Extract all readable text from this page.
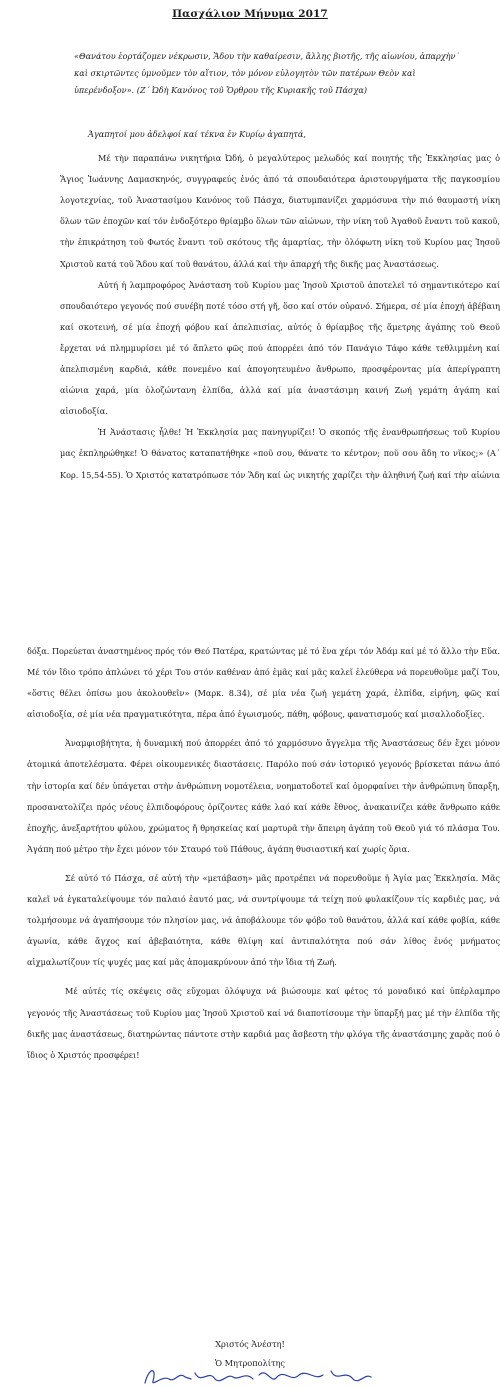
Πασχάλιον Μήνυμα 2017
«Θανάτου ἑορτάζομεν νέκρωσιν, Ἅδου τὴν καθαίρεσιν, ἄλλης βιοτῆς, τῆς αἰωνίου, ἀπαρχὴν˙ καὶ σκιρτῶντες ὑμνοῦμεν τὸν αἴτιον, τὸν μόνον εὐλογητὸν τῶν πατέρων Θεὸν καὶ ὑπερένδοξον». (Ζ΄ Ὠδὴ Κανόνος τοῦ Ὄρθρου τῆς Κυριακῆς τοῦ Πάσχα)

Ἀγαπητοί μου ἀδελφοί καί τέκνα ἐν Κυρίῳ ἀγαπητά,

Μέ τὴν παραπάνω νικητήρια Ὠδή, ὁ μεγαλύτερος μελωδός καί ποιητής τῆς Ἐκκλησίας μας ὁ Ἅγιος Ἰωάννης Δαμασκηνός, συγγραφεύς ἑνός ἀπό τά σπουδαιότερα ἀριστουργήματα τῆς παγκοσμίου λογοτεχνίας, τοῦ Ἀναστασίμου Κανόνος τοῦ Πάσχα, διατυμπανίζει χαρμόσυνα τὴν πιό θαυμαστή νίκη ὅλων τῶν ἐποχῶν καί τόν ἐνδοξότερο θρίαμβο ὅλων τῶν αἰώνων, τὴν νίκη τοῦ Ἀγαθοῦ ἔναντι τοῦ κακοῦ, τὴν ἐπικράτηση τοῦ Φωτός ἔναντι τοῦ σκότους τῆς ἁμαρτίας, τὴν ὁλόφωτη νίκη τοῦ Κυρίου μας Ἰησοῦ Χριστοῦ κατά τοῦ Ἅδου καί τοῦ θανάτου, ἀλλά καί τὴν ἀπαρχή τῆς δικῆς μας Ἀναστάσεως.

Αὐτή ἡ λαμπροφόρος Ἀνάσταση τοῦ Κυρίου μας Ἰησοῦ Χριστοῦ ἀποτελεῖ τό σημαντικότερο καί σπουδαιότερο γεγονός πού συνέβη ποτέ τόσο στή γῆ, ὅσο καί στόν οὐρανό. Σήμερα, σέ μία ἐποχή ἀβέβαιη καί σκοτεινή, σέ μία ἐποχή φόβου καί ἀπελπισίας, αὐτός ὁ θρίαμβος τῆς ἄμετρης ἀγάπης τοῦ Θεοῦ ἔρχεται νά πλημμυρίσει μέ τό ἄπλετο φῶς πού ἀπορρέει ἀπό τόν Πανάγιο Τάφο κάθε τεθλιμμένη καί ἀπελπισμένη καρδιά, κάθε πονεμένο καί ἀπογοητευμένο ἄνθρωπο, προσφέροντας μία ἀπερίγραπτη αἰώνια χαρά, μία ὁλοζώντανη ἐλπίδα, ἀλλά καί μία ἀναστάσιμη καινή Ζωή γεμάτη ἀγάπη καί αἰσιοδοξία.

Ἡ Ἀνάστασις ἦλθε! Ἡ Ἐκκλησία μας πανηγυρίζει! Ὁ σκοπός τῆς ἐνανθρωπήσεως τοῦ Κυρίου μας ἐκπληρώθηκε! Ὁ θάνατος καταπατήθηκε «ποῦ σου, θάνατε το κέντρον; ποῦ σου ἅδη το νῖκος;» (Α΄ Κορ. 15,54-55). Ὁ Χριστός κατατρόπωσε τόν Ἅδη καί ὡς νικητής χαρίζει τὴν ἀληθινή ζωή καί τὴν αἰώνια

δόξα. Πορεύεται ἀναστημένος πρός τόν Θεό Πατέρα, κρατώντας μέ τό ἕνα χέρι τόν Ἀδάμ καί μέ τό ἄλλο τὴν Εὔα. Μέ τόν ἴδιο τρόπο ἁπλώνει τό χέρι Του στόν καθέναν ἀπό ἐμᾶς καί μᾶς καλεῖ ἐλεύθερα νά πορευθοῦμε μαζί Του, «ὅστις θέλει ὀπίσω μου ἀκολουθεῖν» (Μαρκ. 8.34), σέ μία νέα ζωή γεμάτη χαρά, ἐλπίδα, εἰρήνη, φῶς καί αἰσιοδοξία, σέ μία νέα πραγματικότητα, πέρα ἀπό ἐγωισμούς, πάθη, φόβους, φανατισμούς καί μισαλλοδοξίες.

Ἀναμφισβήτητα, ἡ δυναμική πού ἀπορρέει ἀπό τό χαρμόσυνο ἄγγελμα τῆς Ἀναστάσεως δέν ἔχει μόνον ἀτομικά ἀποτελέσματα. Φέρει οἰκουμενικές διαστάσεις. Παρόλο πού σάν ἱστορικό γεγονός βρίσκεται πάνω ἀπό τὴν ἱστορία καί δέν ὑπάγεται στὴν ἀνθρώπινη νομοτέλεια, νοηματοδοτεῖ καί ὁμορφαίνει τὴν ἀνθρώπινη ὕπαρξη, προσανατολίζει πρός νέους ἐλπιδοφόρους ὁρίζοντες κάθε λαό καί κάθε ἔθνος, ἀνακαινίζει κάθε ἄνθρωπο κάθε ἐποχῆς, ἀνεξαρτήτου φύλου, χρώματος ἤ θρησκείας καί μαρτυρᾶ τὴν ἄπειρη ἀγάπη τοῦ Θεοῦ γιά τό πλάσμα Του. Ἀγάπη πού μέτρο τὴν ἔχει μόνον τόν Σταυρό τοῦ Πάθους, ἀγάπη θυσιαστική καί χωρίς ὅρια.

Σέ αὐτό τό Πάσχα, σέ αὐτή τὴν «μετάβαση» μᾶς προτρέπει νά πορευθοῦμε ἡ Ἁγία μας Ἐκκλησία. Μᾶς καλεῖ νά ἐγκαταλείψουμε τόν παλαιό ἑαυτό μας, νά συντρίψουμε τά τείχη πού φυλακίζουν τίς καρδιές μας, νά τολμήσουμε νά ἀγαπήσουμε τόν πλησίον μας, νά ἀποβάλουμε τόν φόβο τοῦ θανάτου, ἀλλά καί κάθε φοβία, κάθε ἀγωνία, κάθε ἄγχος καί ἀβεβαιότητα, κάθε θλίψη καί ἀντιπαλότητα πού σάν λίθος ἑνός μνήματος αἰχμαλωτίζουν τίς ψυχές μας καί μᾶς ἀπομακρύνουν ἀπό τὴν ἴδια τή Ζωή.

Μέ αὐτές τίς σκέψεις σᾶς εὔχομαι ὁλόψυχα νά βιώσουμε καί φέτος τό μοναδικό καί ὑπέρλαμπρο γεγονός τῆς Ἀναστάσεως τοῦ Κυρίου μας Ἰησοῦ Χριστοῦ καί νά διαποτίσουμε τὴν ὕπαρξή μας μέ τὴν ἐλπίδα τῆς δικῆς μας ἀναστάσεως, διατηρώντας πάντοτε στὴν καρδιά μας ἄσβεστη τὴν φλόγα τῆς ἀναστάσιμης χαρᾶς πού ὁ ἴδιος ὁ Χριστός προσφέρει!

Χριστός Ἀνέστη!
Ὁ Μητροπολίτης
